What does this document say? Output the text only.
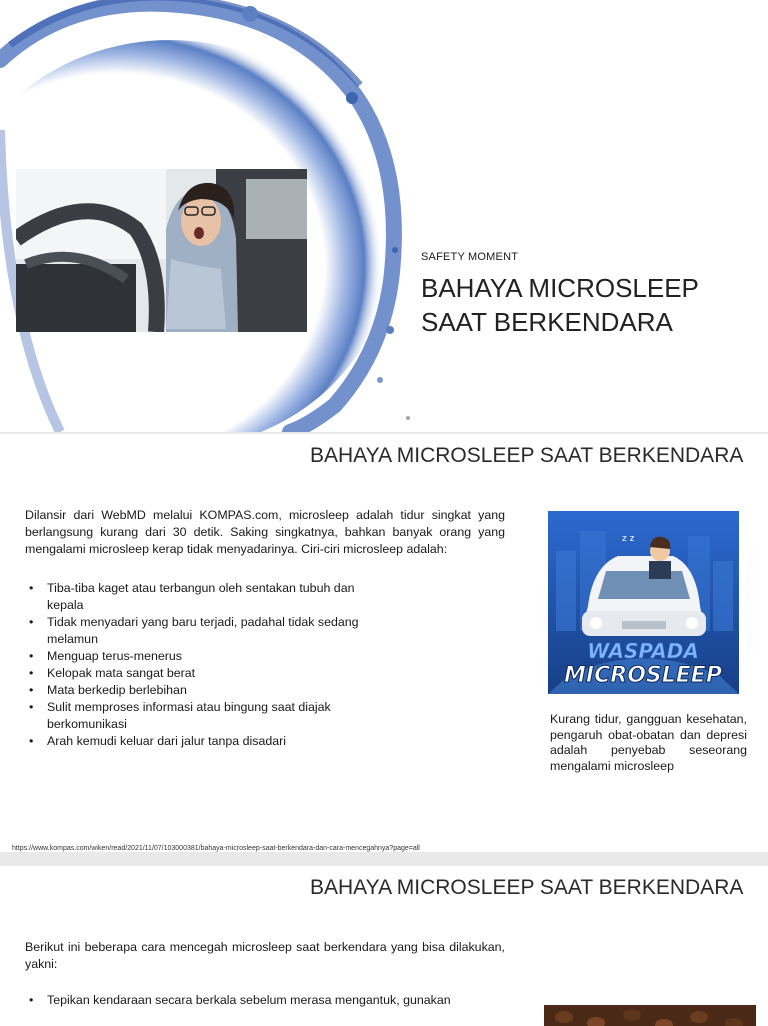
SAFETY MOMENT
BAHAYA MICROSLEEP
SAAT BERKENDARA
BAHAYA MICROSLEEP SAAT BERKENDARA

Dilansir dari WebMD melalui KOMPAS.com, microsleep adalah tidur singkat yang berlangsung kurang dari 30 detik. Saking singkatnya, bahkan banyak orang yang mengalami microsleep kerap tidak menyadarinya. Ciri-ciri microsleep adalah:

• Tiba-tiba kaget atau terbangun oleh sentakan tubuh dan kepala
• Tidak menyadari yang baru terjadi, padahal tidak sedang melamun
• Menguap terus-menerus
• Kelopak mata sangat berat
• Mata berkedip berlebihan
• Sulit memproses informasi atau bingung saat diajak berkomunikasi
• Arah kemudi keluar dari jalur tanpa disadari
WASPADA
MICROSLEEP
z z

Kurang tidur, gangguan kesehatan, pengaruh obat-obatan dan depresi adalah penyebab seseorang mengalami microsleep

https://www.kompas.com/wiken/read/2021/11/07/103000381/bahaya-microsleep-saat-berkendara-dan-cara-mencegahnya?page=all
BAHAYA MICROSLEEP SAAT BERKENDARA

Berikut ini beberapa cara mencegah microsleep saat berkendara yang bisa dilakukan, yakni:

• Tepikan kendaraan secara berkala sebelum merasa mengantuk, gunakan
